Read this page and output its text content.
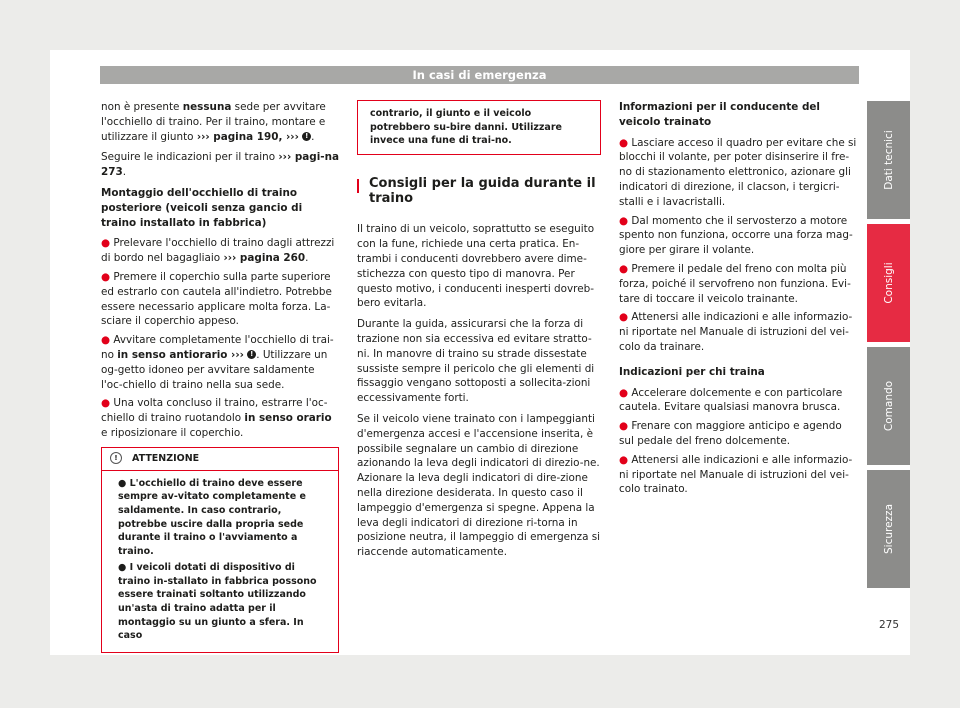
In casi di emergenza

non è presente nessuna sede per avvitare l'occhiello di traino. Per il traino, montare e utilizzare il giunto ››› pagina 190, ››› ! .

Seguire le indicazioni per il traino ››› pagi-na 273.

Montaggio dell'occhiello di traino posteriore (veicoli senza gancio di traino installato in fabbrica)

● Prelevare l'occhiello di traino dagli attrezzi di bordo nel bagagliaio ››› pagina 260.

● Premere il coperchio sulla parte superiore ed estrarlo con cautela all'indietro. Potrebbe essere necessario applicare molta forza. La-sciare il coperchio appeso.

● Avvitare completamente l'occhiello di trai-no in senso antiorario ››› ! . Utilizzare un og-getto idoneo per avvitare saldamente l'oc-chiello di traino nella sua sede.

● Una volta concluso il traino, estrarre l'oc-chiello di traino ruotandolo in senso orario e riposizionare il coperchio.

! ATTENZIONE

● L'occhiello di traino deve essere sempre av-vitato completamente e saldamente. In caso contrario, potrebbe uscire dalla propria sede durante il traino o l'avviamento a traino.

● I veicoli dotati di dispositivo di traino in-stallato in fabbrica possono essere trainati soltanto utilizzando un'asta di traino adatta per il montaggio su un giunto a sfera. In caso

contrario, il giunto e il veicolo potrebbero su-bire danni. Utilizzare invece una fune di trai-no.
Consigli per la guida durante il traino

Il traino di un veicolo, soprattutto se eseguito con la fune, richiede una certa pratica. En-trambi i conducenti dovrebbero avere dime-stichezza con questo tipo di manovra. Per questo motivo, i conducenti inesperti dovreb-bero evitarla.

Durante la guida, assicurarsi che la forza di trazione non sia eccessiva ed evitare stratto-ni. In manovre di traino su strade dissestate sussiste sempre il pericolo che gli elementi di fissaggio vengano sottoposti a sollecita-zioni eccessivamente forti.

Se il veicolo viene trainato con i lampeggianti d'emergenza accesi e l'accensione inserita, è possibile segnalare un cambio di direzione azionando la leva degli indicatori di direzio-ne. Azionare la leva degli indicatori di dire-zione nella direzione desiderata. In questo caso il lampeggio d'emergenza si spegne. Appena la leva degli indicatori di direzione ri-torna in posizione neutra, il lampeggio di emergenza si riaccende automaticamente.

Informazioni per il conducente del veicolo trainato

● Lasciare acceso il quadro per evitare che si blocchi il volante, per poter disinserire il fre-no di stazionamento elettronico, azionare gli indicatori di direzione, il clacson, i tergicri-stalli e i lavacristalli.

● Dal momento che il servosterzo a motore spento non funziona, occorre una forza mag-giore per girare il volante.

● Premere il pedale del freno con molta più forza, poiché il servofreno non funziona. Evi-tare di toccare il veicolo trainante.

● Attenersi alle indicazioni e alle informazio-ni riportate nel Manuale di istruzioni del vei-colo da trainare.

Indicazioni per chi traina

● Accelerare dolcemente e con particolare cautela. Evitare qualsiasi manovra brusca.

● Frenare con maggiore anticipo e agendo sul pedale del freno dolcemente.

● Attenersi alle indicazioni e alle informazio-ni riportate nel Manuale di istruzioni del vei-colo trainato.

Dati tecnici
Consigli
Comando
Sicurezza
275
